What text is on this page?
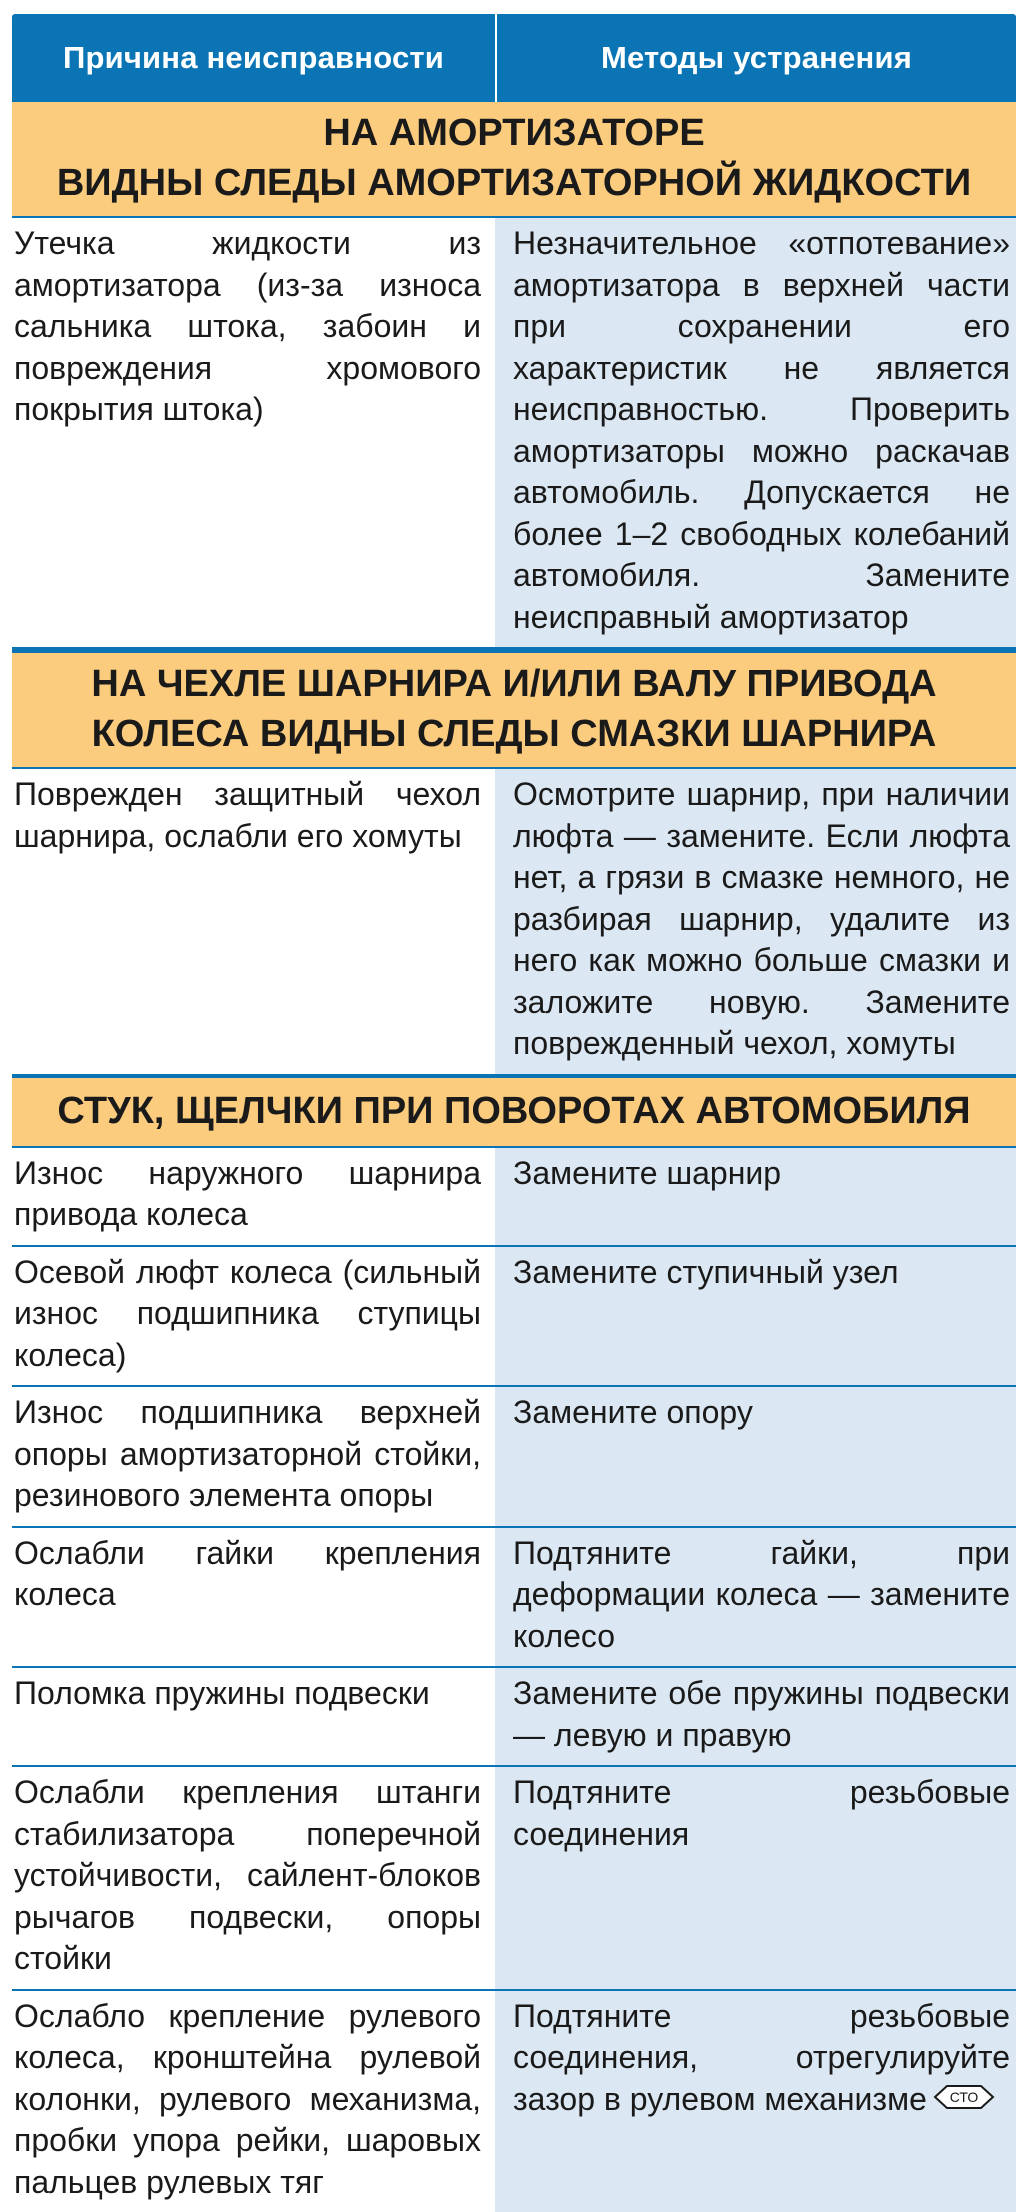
Причина неисправности	Методы устранения
НА АМОРТИЗАТОРЕ
ВИДНЫ СЛЕДЫ АМОРТИЗАТОРНОЙ ЖИДКОСТИ
Утечка жидкости из амортизатора (из-за износа сальника штока, забоин и повреждения хромового покрытия штока)
Незначительное «отпотевание» амортизатора в верхней части при сохранении его характеристик не является неисправностью. Проверить амортизаторы можно раскачав автомобиль. Допускается не более 1–2 свободных колебаний автомобиля. Замените неисправный амортизатор
НА ЧЕХЛЕ ШАРНИРА И/ИЛИ ВАЛУ ПРИВОДА
КОЛЕСА ВИДНЫ СЛЕДЫ СМАЗКИ ШАРНИРА
Поврежден защитный чехол шарнира, ослабли его хомуты
Осмотрите шарнир, при наличии люфта — замените. Если люфта нет, а грязи в смазке немного, не разбирая шарнир, удалите из него как можно больше смазки и заложите новую. Замените поврежденный чехол, хомуты
СТУК, ЩЕЛЧКИ ПРИ ПОВОРОТАХ АВТОМОБИЛЯ
Износ наружного шарнира привода колеса
Замените шарнир
Осевой люфт колеса (сильный износ подшипника ступицы колеса)
Замените ступичный узел
Износ подшипника верхней опоры амортизаторной стойки, резинового элемента опоры
Замените опору
Ослабли гайки крепления колеса
Подтяните гайки, при деформации колеса — замените колесо
Поломка пружины подвески	Замените обе пружины подвески — левую и правую
Ослабли крепления штанги стабилизатора поперечной устойчивости, сайлент-блоков рычагов подвески, опоры стойки
Подтяните резьбовые соединения
Ослабло крепление рулевого колеса, кронштейна рулевой колонки, рулевого механизма, пробки упора рейки, шаровых пальцев рулевых тяг
Подтяните резьбовые соединения, отрегулируйте зазор в рулевом механизме СТО
